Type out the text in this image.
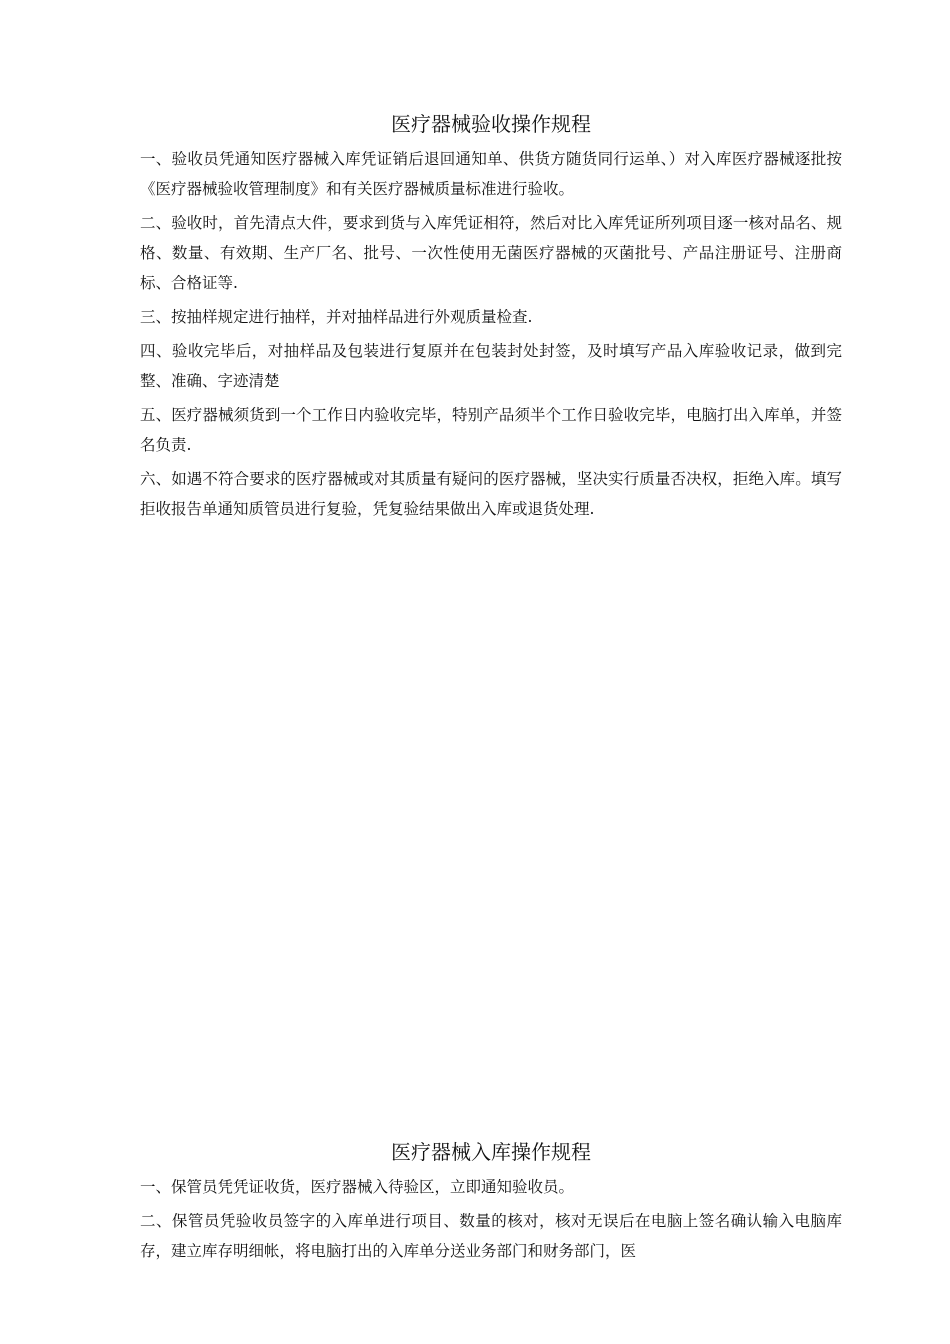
医疗器械验收操作规程

一、验收员凭通知医疗器械入库凭证销后退回通知单、供货方随货同行运单、）对入库医疗器械逐批按《医疗器械验收管理制度》和有关医疗器械质量标准进行验收。

二、验收时，首先清点大件，要求到货与入库凭证相符，然后对比入库凭证所列项目逐一核对品名、规格、数量、有效期、生产厂名、批号、一次性使用无菌医疗器械的灭菌批号、产品注册证号、注册商标、合格证等.

三、按抽样规定进行抽样，并对抽样品进行外观质量检查.

四、验收完毕后，对抽样品及包装进行复原并在包装封处封签，及时填写产品入库验收记录，做到完整、准确、字迹清楚

五、医疗器械须货到一个工作日内验收完毕，特别产品须半个工作日验收完毕，电脑打出入库单，并签名负责.

六、如遇不符合要求的医疗器械或对其质量有疑问的医疗器械，坚决实行质量否决权，拒绝入库。填写拒收报告单通知质管员进行复验，凭复验结果做出入库或退货处理.

医疗器械入库操作规程

一、保管员凭凭证收货，医疗器械入待验区，立即通知验收员。

二、保管员凭验收员签字的入库单进行项目、数量的核对，核对无误后在电脑上签名确认输入电脑库存，建立库存明细帐，将电脑打出的入库单分送业务部门和财务部门，医
